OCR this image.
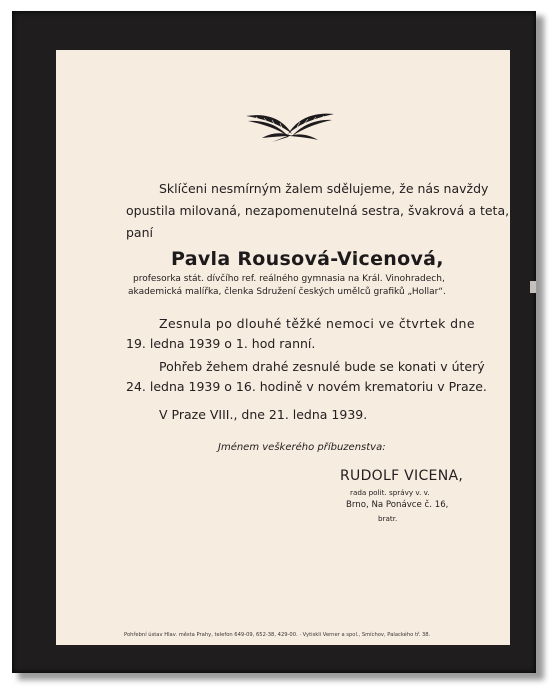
Sklíčeni nesmírným žalem sdělujeme, že nás navždy
opustila milovaná, nezapomenutelná sestra, švakrová a teta,
paní
Pavla Rousová-Vicenová,
profesorka stát. dívčího ref. reálného gymnasia na Král. Vinohradech,
akademická malířka, členka Sdružení českých umělců grafiků „Hollar“.
Zesnula po dlouhé těžké nemoci ve čtvrtek dne
19. ledna 1939 o 1. hod ranní.
Pohřeb žehem drahé zesnulé bude se konati v úterý
24. ledna 1939 o 16. hodině v novém krematoriu v Praze.
V Praze VIII., dne 21. ledna 1939.
Jménem veškerého příbuzenstva:
RUDOLF VICENA,
rada polit. správy v. v.
Brno, Na Ponávce č. 16,
bratr.
Pohřební ústav Hlav. města Prahy, telefon 649-09, 652-38, 429-00. · Vytiskli Verner a spol., Smíchov, Palackého tř. 38.
